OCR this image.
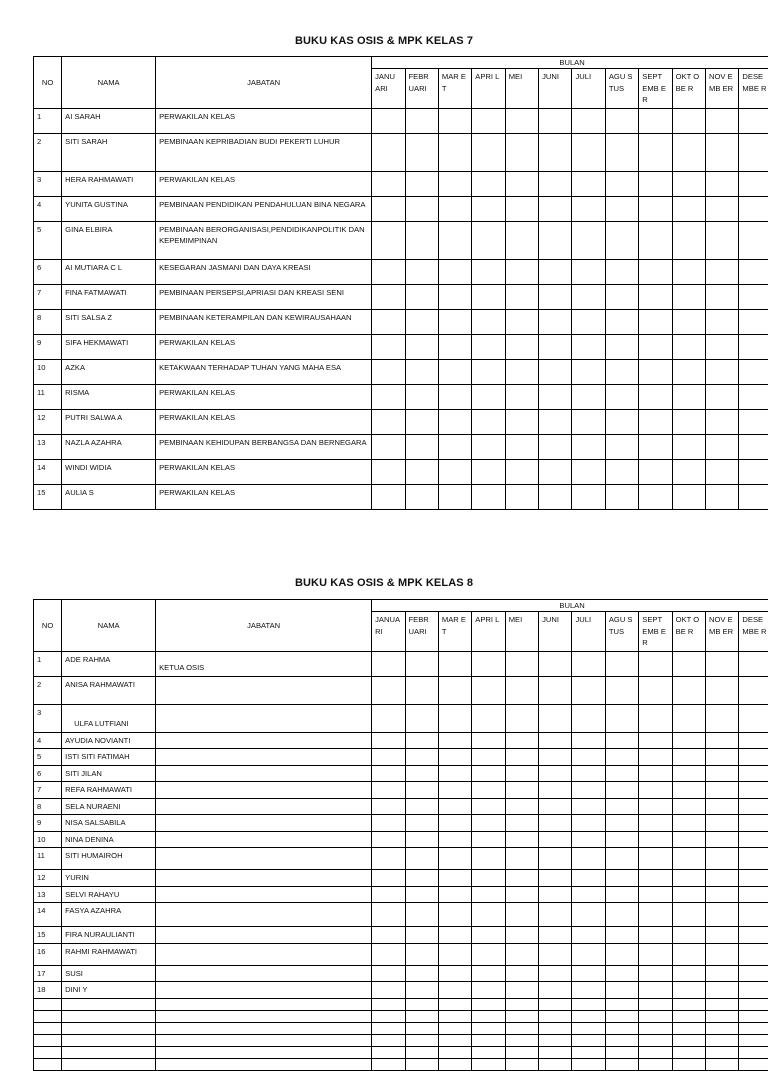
BUKU KAS OSIS & MPK KELAS 7
NO	NAMA	JABATAN	BULAN											
			JANU ARI	FEBR UARI	MAR ET	APRI L	MEI	JUNI	JULI	AGU STUS	SEPT EMB ER	OKT OBE R	NOV EMB ER	DESE MBE R
1	AI SARAH	PERWAKILAN KELAS												
2	SITI SARAH	PEMBINAAN KEPRIBADIAN BUDI PEKERTI LUHUR												
3	HERA RAHMAWATI	PERWAKILAN KELAS												
4	YUNITA GUSTINA	PEMBINAAN PENDIDIKAN PENDAHULUAN BINA NEGARA												
5	GINA ELBIRA	PEMBINAAN BERORGANISASI,PENDIDIKANPOLITIK DAN KEPEMIMPINAN												
6	AI MUTIARA C L	KESEGARAN JASMANI DAN DAYA KREASI												
7	FINA FATMAWATI	PEMBINAAN PERSEPSI,APRIASI DAN KREASI SENI												
8	SITI SALSA Z	PEMBINAAN KETERAMPILAN DAN KEWIRAUSAHAAN												
9	SIFA HEKMAWATI	PERWAKILAN KELAS												
10	AZKA	KETAKWAAN TERHADAP TUHAN YANG MAHA ESA												
11	RISMA	PERWAKILAN KELAS												
12	PUTRI SALWA A	PERWAKILAN KELAS												
13	NAZLA AZAHRA	PEMBINAAN KEHIDUPAN BERBANGSA DAN BERNEGARA												
14	WINDI WIDIA	PERWAKILAN KELAS												
15	AULIA S	PERWAKILAN KELAS												
BUKU KAS OSIS & MPK KELAS 8
NO	NAMA	JABATAN	BULAN											
			JANUA RI	FEBR UARI	MAR ET	APRI L	MEI	JUNI	JULI	AGU STUS	SEPT EMB ER	OKT OBE R	NOV EMB ER	DESE MBE R
1	ADE RAHMA	KETUA OSIS												
2	ANISA RAHMAWATI													
3	ULFA LUTFIANI													
4	AYUDIA NOVIANTI													
5	ISTI SITI FATIMAH													
6	SITI JILAN													
7	REFA RAHMAWATI													
8	SELA NURAENI													
9	NISA SALSABILA													
10	NINA DENINA													
11	SITI HUMAIROH													
12	YURIN													
13	SELVI RAHAYU													
14	FASYA AZAHRA													
15	FIRA NURAULIANTI													
16	RAHMI RAHMAWATI													
17	SUSI													
18	DINI Y													
